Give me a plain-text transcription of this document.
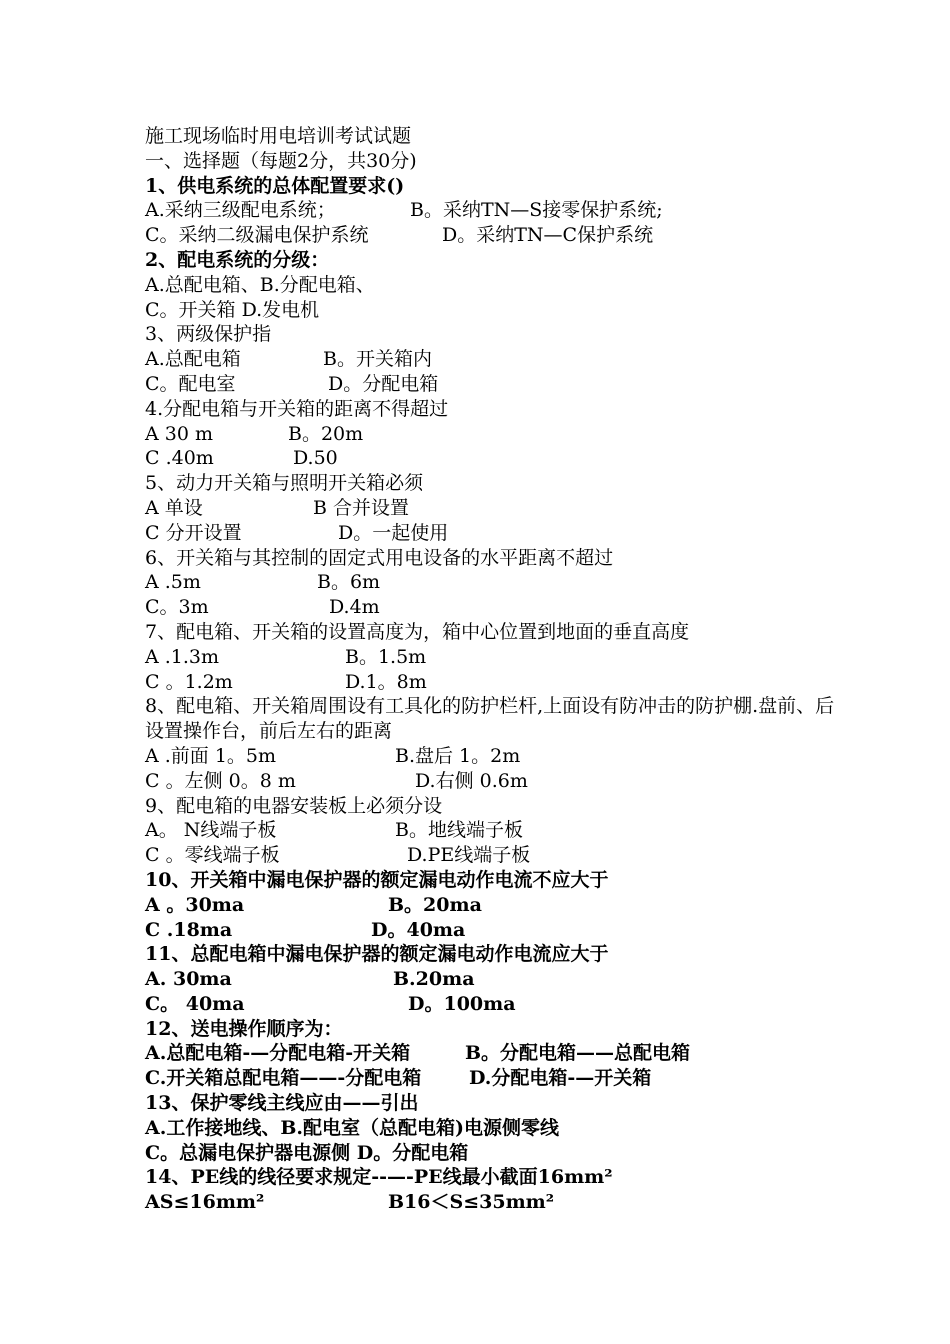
施工现场临时用电培训考试试题
一、选择题（每题2分，共30分)
1、供电系统的总体配置要求()
A.采纳三级配电系统；	B。采纳TN—S接零保护系统;
C。采纳二级漏电保护系统	D。采纳TN—C保护系统
2、配电系统的分级：
A.总配电箱、B.分配电箱、
C。开关箱 D.发电机
3、两级保护指
A.总配电箱	B。开关箱内
C。配电室	D。分配电箱
4.分配电箱与开关箱的距离不得超过
A 30 m	B。20m
C .40m	D.50
5、动力开关箱与照明开关箱必须
A 单设	B 合并设置
C 分开设置	D。一起使用
6、开关箱与其控制的固定式用电设备的水平距离不超过
A .5m	B。6m
C。3m	D.4m
7、配电箱、开关箱的设置高度为，箱中心位置到地面的垂直高度
A .1.3m	B。1.5m
C 。1.2m	D.1。8m
8、配电箱、开关箱周围设有工具化的防护栏杆,上面设有防冲击的防护棚.盘前、后设置操作台，前后左右的距离
A .前面 1。5m	B.盘后 1。2m
C 。左侧 0。8 m	D.右侧 0.6m
9、配电箱的电器安装板上必须分设
A。 N线端子板	B。地线端子板
C 。零线端子板	D.PE线端子板
10、开关箱中漏电保护器的额定漏电动作电流不应大于
A 。30ma	B。20ma
C .18ma	D。40ma
11、总配电箱中漏电保护器的额定漏电动作电流应大于
A. 30ma	B.20ma
C。 40ma	D。100ma
12、送电操作顺序为：
A.总配电箱-—分配电箱-开关箱	B。分配电箱——总配电箱
C.开关箱总配电箱——-分配电箱	D.分配电箱-—开关箱
13、保护零线主线应由——引出
A.工作接地线、B.配电室（总配电箱)电源侧零线
C。总漏电保护器电源侧 D。分配电箱
14、PE线的线径要求规定--—-PE线最小截面16mm²
AS≤16mm²	B16＜S≤35mm²
